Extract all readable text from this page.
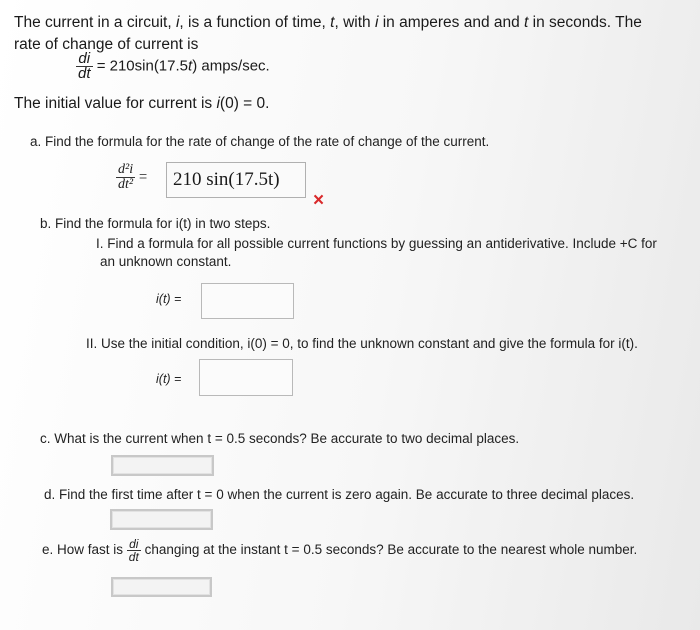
The current in a circuit, i, is a function of time, t, with i in amperes and and t in seconds. The
rate of change of current is
$\frac{di}{dt} = 210\sin(17.5t)$ amps/sec.
The initial value for current is i(0) = 0.
a. Find the formula for the rate of change of the rate of change of the current.
$\frac{\text{d²i}}{\text{dt²}}$ =	210 sin(17.5t)
×
b. Find the formula for i(t) in two steps.
I. Find a formula for all possible current functions by guessing an antiderivative. Include +C for
an unknown constant.
i(t) =
II. Use the initial condition, i(0) = 0, to find the unknown constant and give the formula for i(t).
i(t) =
c. What is the current when t = 0.5 seconds? Be accurate to two decimal places.
d. Find the first time after t = 0 when the current is zero again. Be accurate to three decimal places.
e. How fast is $\frac{di}{dt}$ changing at the instant t = 0.5 seconds? Be accurate to the nearest whole number.
